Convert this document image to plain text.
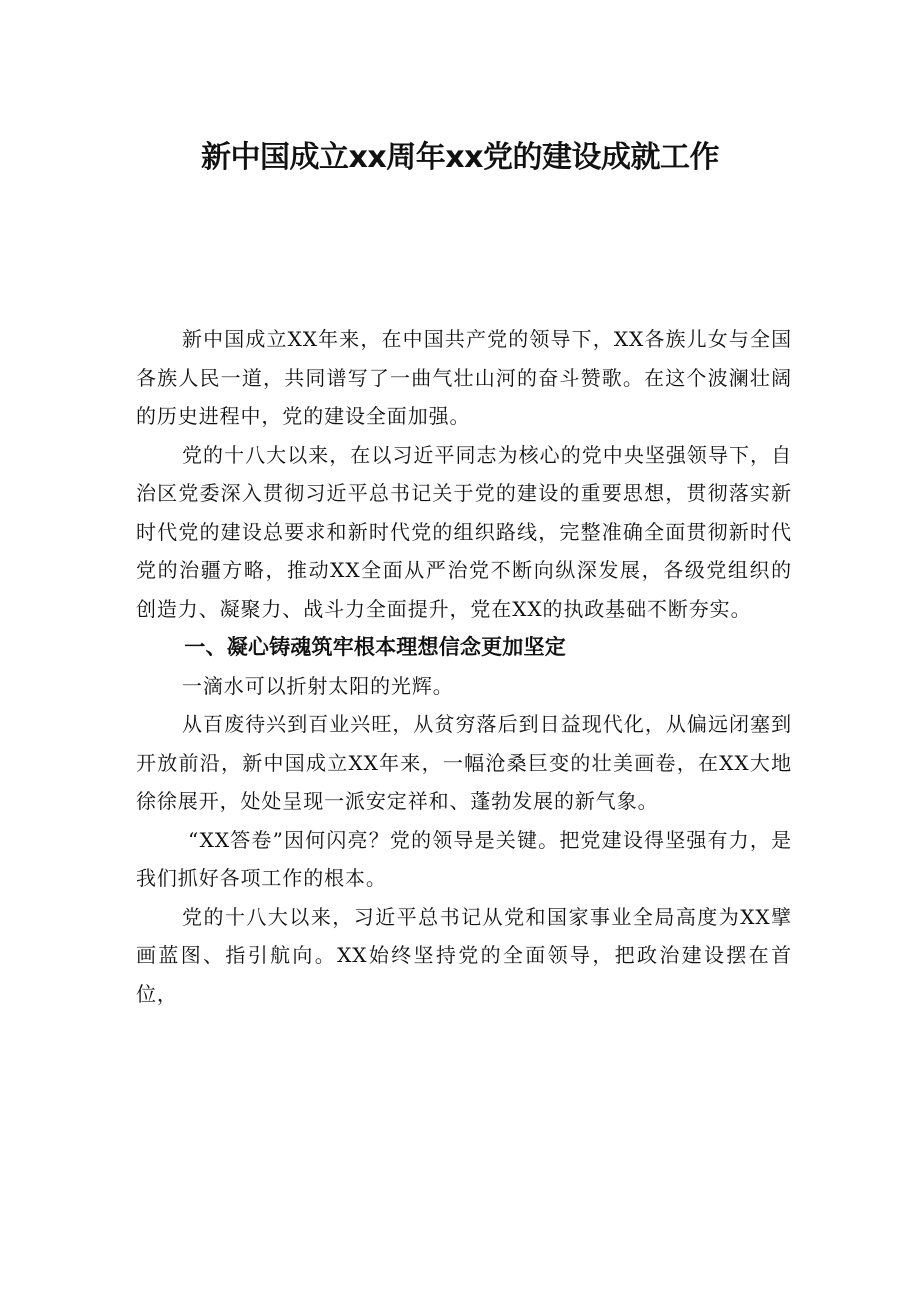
新中国成立xx周年xx党的建设成就工作

新中国成立XX年来，在中国共产党的领导下，XX各族儿女与全国各族人民一道，共同谱写了一曲气壮山河的奋斗赞歌。在这个波澜壮阔的历史进程中，党的建设全面加强。

党的十八大以来，在以习近平同志为核心的党中央坚强领导下，自治区党委深入贯彻习近平总书记关于党的建设的重要思想，贯彻落实新时代党的建设总要求和新时代党的组织路线，完整准确全面贯彻新时代党的治疆方略，推动XX全面从严治党不断向纵深发展，各级党组织的创造力、凝聚力、战斗力全面提升，党在XX的执政基础不断夯实。

一、凝心铸魂筑牢根本理想信念更加坚定

一滴水可以折射太阳的光辉。

从百废待兴到百业兴旺，从贫穷落后到日益现代化，从偏远闭塞到开放前沿，新中国成立XX年来，一幅沧桑巨变的壮美画卷，在XX大地徐徐展开，处处呈现一派安定祥和、蓬勃发展的新气象。

“XX答卷”因何闪亮？党的领导是关键。把党建设得坚强有力，是我们抓好各项工作的根本。

党的十八大以来，习近平总书记从党和国家事业全局高度为XX擘画蓝图、指引航向。XX始终坚持党的全面领导，把政治建设摆在首位，
